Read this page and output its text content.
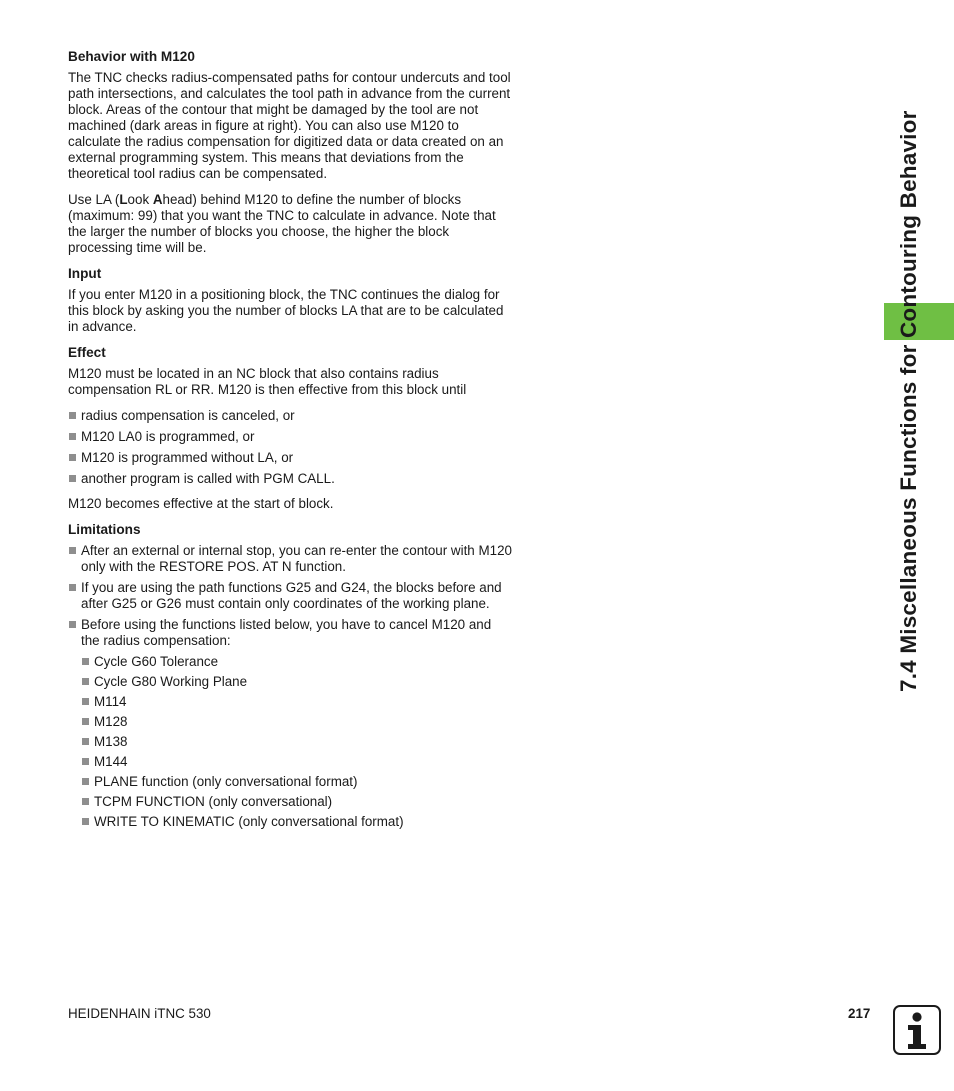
Behavior with M120

The TNC checks radius-compensated paths for contour undercuts and tool path intersections, and calculates the tool path in advance from the current block. Areas of the contour that might be damaged by the tool are not machined (dark areas in figure at right). You can also use M120 to calculate the radius compensation for digitized data or data created on an external programming system. This means that deviations from the theoretical tool radius can be compensated.

Use LA (Look Ahead) behind M120 to define the number of blocks (maximum: 99) that you want the TNC to calculate in advance. Note that the larger the number of blocks you choose, the higher the block processing time will be.

Input

If you enter M120 in a positioning block, the TNC continues the dialog for this block by asking you the number of blocks LA that are to be calculated in advance.

Effect

M120 must be located in an NC block that also contains radius compensation RL or RR. M120 is then effective from this block until

radius compensation is canceled, or
M120 LA0 is programmed, or
M120 is programmed without LA, or
another program is called with PGM CALL.

M120 becomes effective at the start of block.

Limitations
After an external or internal stop, you can re-enter the contour with M120 only with the RESTORE POS. AT N function.
If you are using the path functions G25 and G24, the blocks before and after G25 or G26 must contain only coordinates of the working plane.
Before using the functions listed below, you have to cancel M120 and the radius compensation:
Cycle G60 Tolerance
Cycle G80 Working Plane
M114
M128
M138
M144
PLANE function (only conversational format)
TCPM FUNCTION (only conversational)
WRITE TO KINEMATIC (only conversational format)
7.4 Miscellaneous Functions for Contouring Behavior
HEIDENHAIN iTNC 530	217
